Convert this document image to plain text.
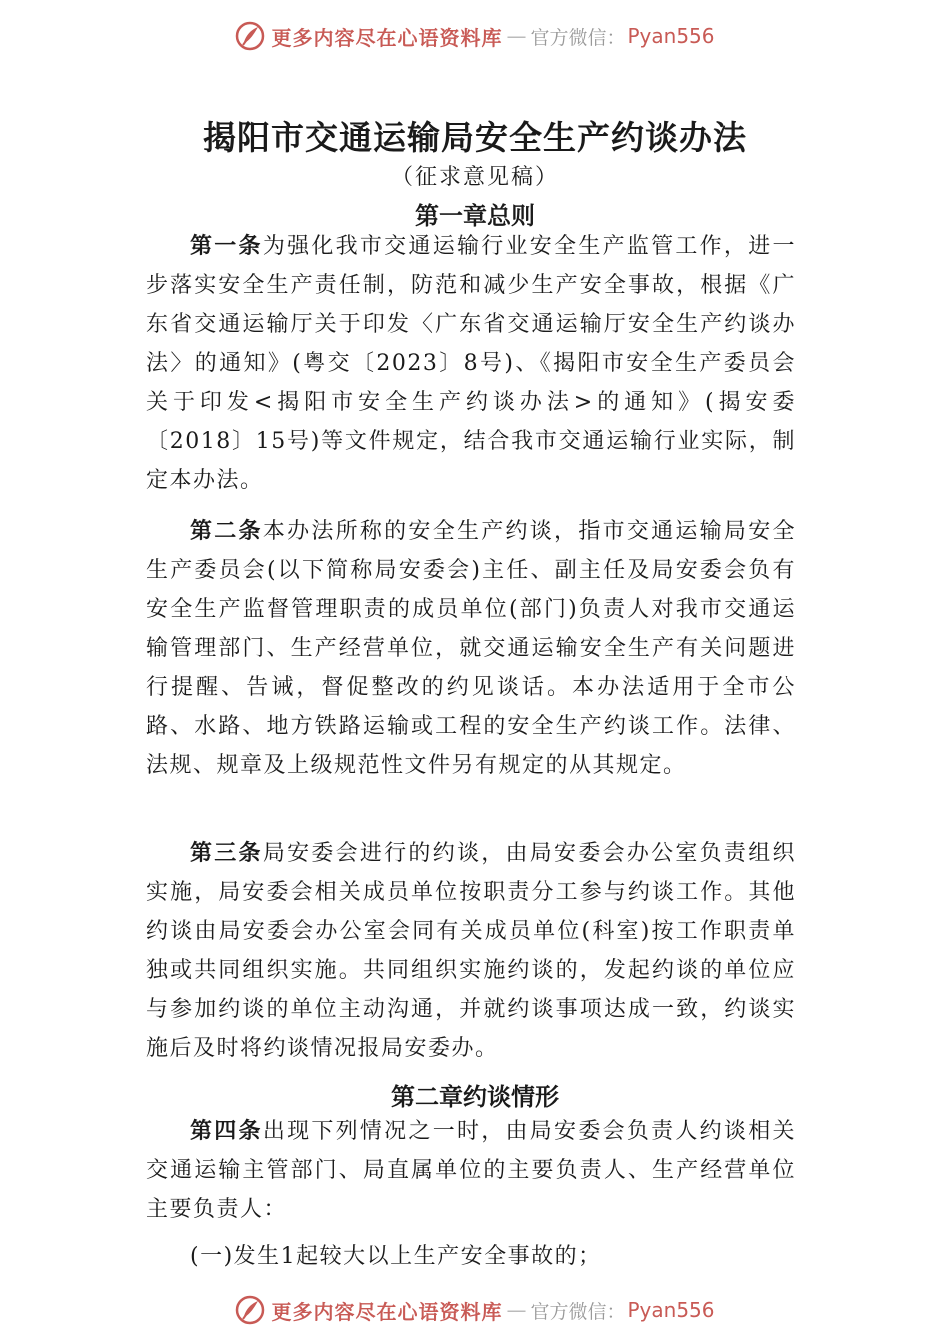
更多内容尽在心语资料库 — 官方微信： Pyan556
揭阳市交通运输局安全生产约谈办法
（征求意见稿）
第一章总则

第一条为强化我市交通运输行业安全生产监管工作，进一步落实安全生产责任制，防范和减少生产安全事故，根据《广东省交通运输厅关于印发〈广东省交通运输厅安全生产约谈办法〉的通知》(粤交〔2023〕8号)、《揭阳市安全生产委员会关于印发<揭阳市安全生产约谈办法>的通知》(揭安委〔2018〕15号)等文件规定，结合我市交通运输行业实际，制定本办法。

第二条本办法所称的安全生产约谈，指市交通运输局安全生产委员会(以下简称局安委会)主任、副主任及局安委会负有安全生产监督管理职责的成员单位(部门)负责人对我市交通运输管理部门、生产经营单位，就交通运输安全生产有关问题进行提醒、告诫，督促整改的约见谈话。本办法适用于全市公路、水路、地方铁路运输或工程的安全生产约谈工作。法律、法规、规章及上级规范性文件另有规定的从其规定。

第三条局安委会进行的约谈，由局安委会办公室负责组织实施，局安委会相关成员单位按职责分工参与约谈工作。其他约谈由局安委会办公室会同有关成员单位(科室)按工作职责单独或共同组织实施。共同组织实施约谈的，发起约谈的单位应与参加约谈的单位主动沟通，并就约谈事项达成一致，约谈实施后及时将约谈情况报局安委办。

第二章约谈情形

第四条出现下列情况之一时，由局安委会负责人约谈相关交通运输主管部门、局直属单位的主要负责人、生产经营单位主要负责人：

(一)发生1起较大以上生产安全事故的；

更多内容尽在心语资料库 — 官方微信： Pyan556
